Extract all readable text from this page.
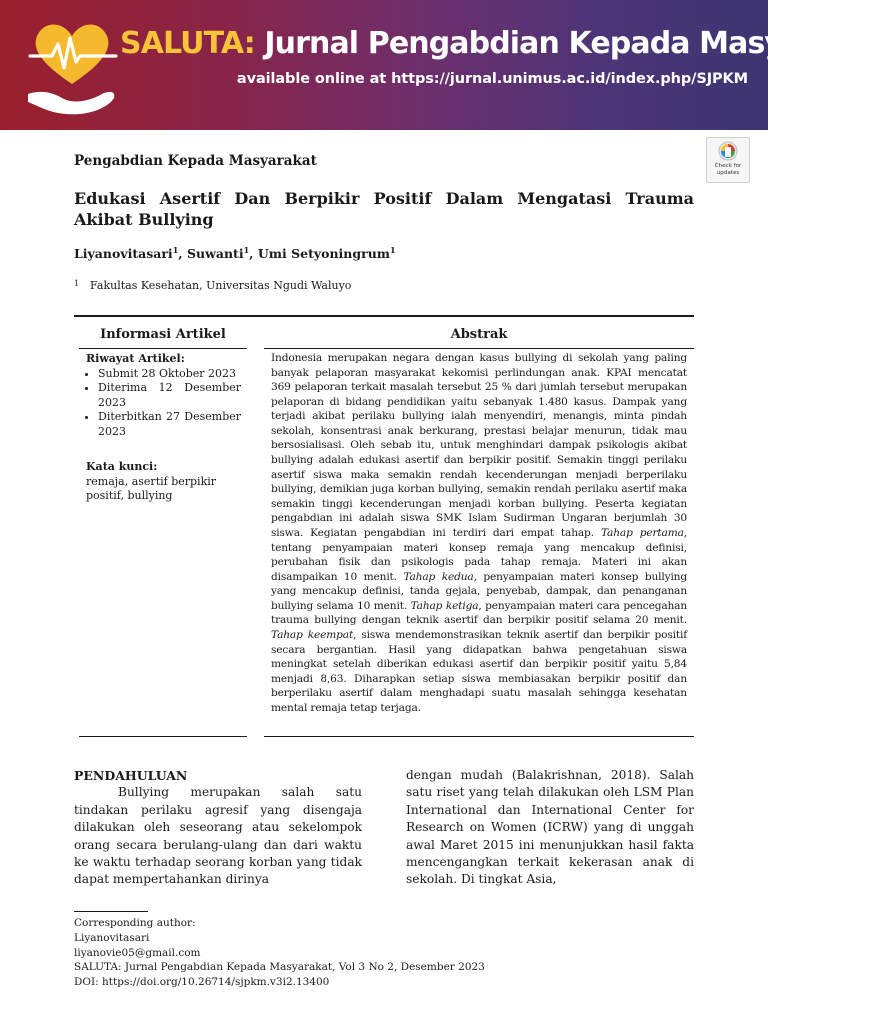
SALUTA: Jurnal Pengabdian Kepada Masyarakat
available online at https://jurnal.unimus.ac.id/index.php/SJPKM
Check for
updates
Pengabdian Kepada Masyarakat
Edukasi Asertif Dan Berpikir Positif Dalam Mengatasi Trauma Akibat Bullying
Liyanovitasari$^1$, Suwanti$^1$, Umi Setyoningrum$^1$
1 Fakultas Kesehatan, Universitas Ngudi Waluyo
Informasi Artikel	Abstrak
Riwayat Artikel:
• Submit 28 Oktober 2023
• Diterima 12 Desember 2023
• Diterbitkan 27 Desember 2023
Kata kunci:
remaja, asertif berpikir positif, bullying
Indonesia merupakan negara dengan kasus bullying di sekolah yang paling banyak pelaporan masyarakat kekomisi perlindungan anak. KPAI mencatat 369 pelaporan terkait masalah tersebut 25 % dari jumlah tersebut merupakan pelaporan di bidang pendidikan yaitu sebanyak 1.480 kasus. Dampak yang terjadi akibat perilaku bullying ialah menyendiri, menangis, minta pindah sekolah, konsentrasi anak berkurang, prestasi belajar menurun, tidak mau bersosialisasi. Oleh sebab itu, untuk menghindari dampak psikologis akibat bullying adalah edukasi asertif dan berpikir positif. Semakin tinggi perilaku asertif siswa maka semakin rendah kecenderungan menjadi berperilaku bullying, demikian juga korban bullying, semakin rendah perilaku asertif maka semakin tinggi kecenderungan menjadi korban bullying. Peserta kegiatan pengabdian ini adalah siswa SMK Islam Sudirman Ungaran berjumlah 30 siswa. Kegiatan pengabdian ini terdiri dari empat tahap. Tahap pertama, tentang penyampaian materi konsep remaja yang mencakup definisi, perubahan fisik dan psikologis pada tahap remaja. Materi ini akan disampaikan 10 menit. Tahap kedua, penyampaian materi konsep bullying yang mencakup definisi, tanda gejala, penyebab, dampak, dan penanganan bullying selama 10 menit. Tahap ketiga, penyampaian materi cara pencegahan trauma bullying dengan teknik asertif dan berpikir positif selama 20 menit. Tahap keempat, siswa mendemonstrasikan teknik asertif dan berpikir positif secara bergantian. Hasil yang didapatkan bahwa pengetahuan siswa meningkat setelah diberikan edukasi asertif dan berpikir positif yaitu 5,84 menjadi 8,63. Diharapkan setiap siswa membiasakan berpikir positif dan berperilaku asertif dalam menghadapi suatu masalah sehingga kesehatan mental remaja tetap terjaga.
PENDAHULUAN

Bullying merupakan salah satu tindakan perilaku agresif yang disengaja dilakukan oleh seseorang atau sekelompok orang secara berulang-ulang dan dari waktu ke waktu terhadap seorang korban yang tidak dapat mempertahankan dirinya

dengan mudah (Balakrishnan, 2018). Salah satu riset yang telah dilakukan oleh LSM Plan International dan International Center for Research on Women (ICRW) yang di unggah awal Maret 2015 ini menunjukkan hasil fakta mencengangkan terkait kekerasan anak di sekolah. Di tingkat Asia,

Corresponding author:
Liyanovitasari
liyanovie05@gmail.com
SALUTA: Jurnal Pengabdian Kepada Masyarakat, Vol 3 No 2, Desember 2023
DOI: https://doi.org/10.26714/sjpkm.v3i2.13400
